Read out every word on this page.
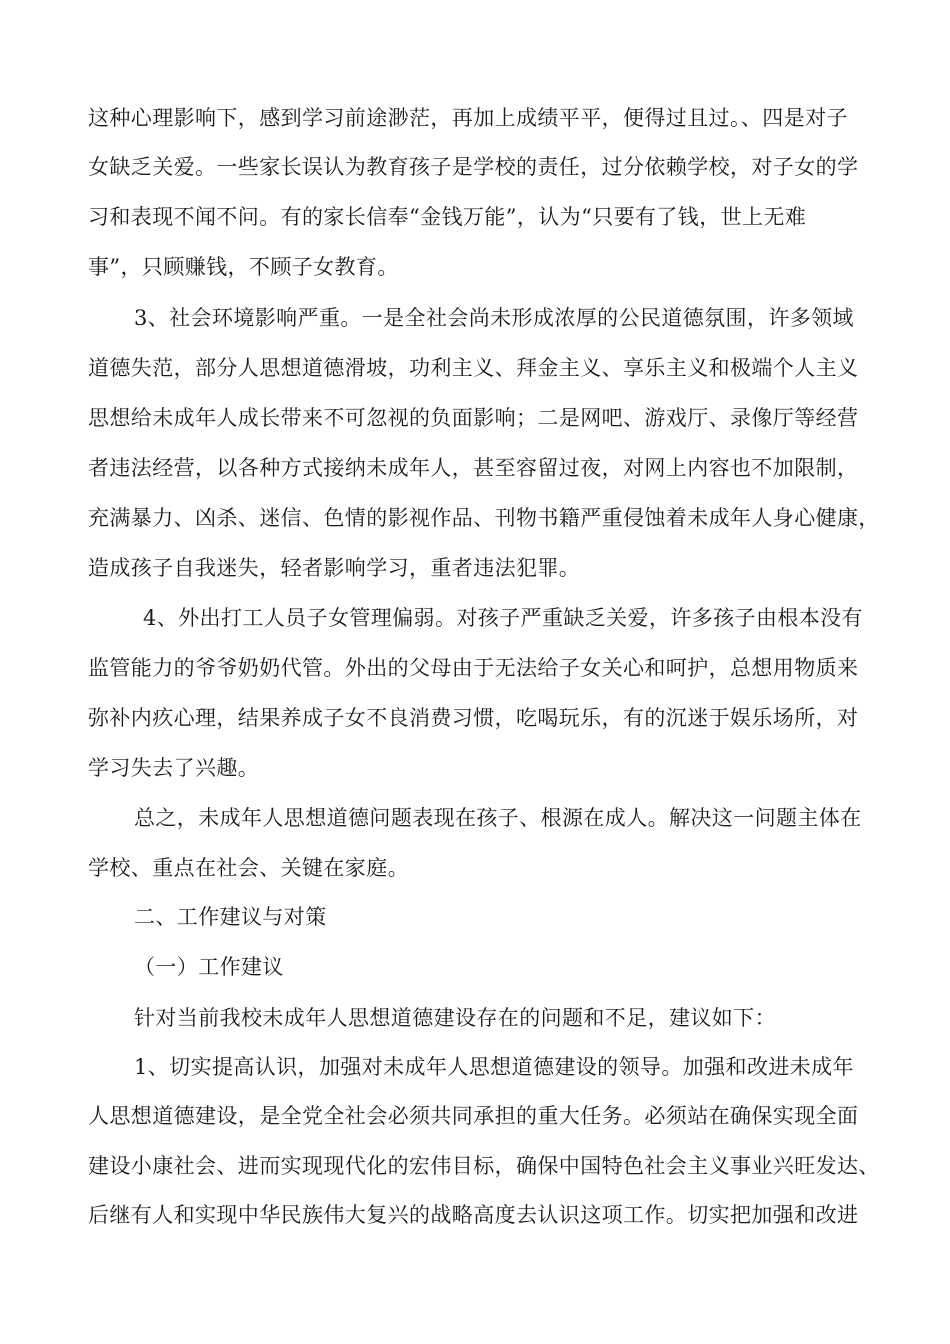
这种心理影响下，感到学习前途渺茫，再加上成绩平平，便得过且过。、四是对子
女缺乏关爱。一些家长误认为教育孩子是学校的责任，过分依赖学校，对子女的学
习和表现不闻不问。有的家长信奉“金钱万能”，认为“只要有了钱，世上无难
事”，只顾赚钱，不顾子女教育。
3、社会环境影响严重。一是全社会尚未形成浓厚的公民道德氛围，许多领域
道德失范，部分人思想道德滑坡，功利主义、拜金主义、享乐主义和极端个人主义
思想给未成年人成长带来不可忽视的负面影响；二是网吧、游戏厅、录像厅等经营
者违法经营，以各种方式接纳未成年人，甚至容留过夜，对网上内容也不加限制，
充满暴力、凶杀、迷信、色情的影视作品、刊物书籍严重侵蚀着未成年人身心健康，
造成孩子自我迷失，轻者影响学习，重者违法犯罪。
4、外出打工人员子女管理偏弱。对孩子严重缺乏关爱，许多孩子由根本没有
监管能力的爷爷奶奶代管。外出的父母由于无法给子女关心和呵护，总想用物质来
弥补内疚心理，结果养成子女不良消费习惯，吃喝玩乐，有的沉迷于娱乐场所，对
学习失去了兴趣。
总之，未成年人思想道德问题表现在孩子、根源在成人。解决这一问题主体在
学校、重点在社会、关键在家庭。
二、工作建议与对策
（一）工作建议
针对当前我校未成年人思想道德建设存在的问题和不足，建议如下：
1、切实提高认识，加强对未成年人思想道德建设的领导。加强和改进未成年
人思想道德建设，是全党全社会必须共同承担的重大任务。必须站在确保实现全面
建设小康社会、进而实现现代化的宏伟目标，确保中国特色社会主义事业兴旺发达、
后继有人和实现中华民族伟大复兴的战略高度去认识这项工作。切实把加强和改进
